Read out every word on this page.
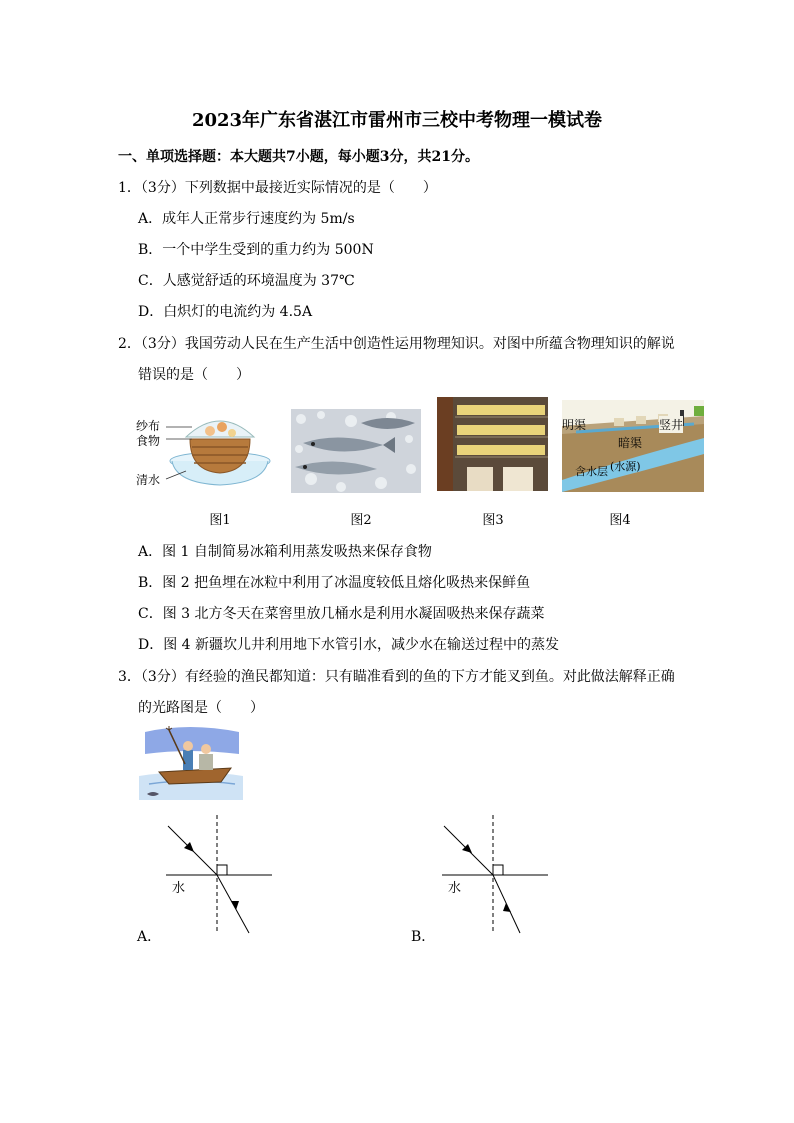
2023年广东省湛江市雷州市三校中考物理一模试卷
一、单项选择题：本大题共7小题，每小题3分，共21分。
1．（3分）下列数据中最接近实际情况的是（　　）
A．成年人正常步行速度约为 5m/s
B．一个中学生受到的重力约为 500N
C．人感觉舒适的环境温度为 37℃
D．白炽灯的电流约为 4.5A
2．（3分）我国劳动人民在生产生活中创造性运用物理知识。对图中所蕴含物理知识的解说
错误的是（　　）
纱布
食物
清水
图1	图2	图3
明渠	竖井
暗渠
含水层 (水源)
图4
A．图 1 自制简易冰箱利用蒸发吸热来保存食物
B．图 2 把鱼埋在冰粒中利用了冰温度较低且熔化吸热来保鲜鱼
C．图 3 北方冬天在菜窖里放几桶水是利用水凝固吸热来保存蔬菜
D．图 4 新疆坎儿井利用地下水管引水，减少水在输送过程中的蒸发
3．（3分）有经验的渔民都知道：只有瞄准看到的鱼的下方才能叉到鱼。对此做法解释正确
的光路图是（　　）
水
A．
水
B．
